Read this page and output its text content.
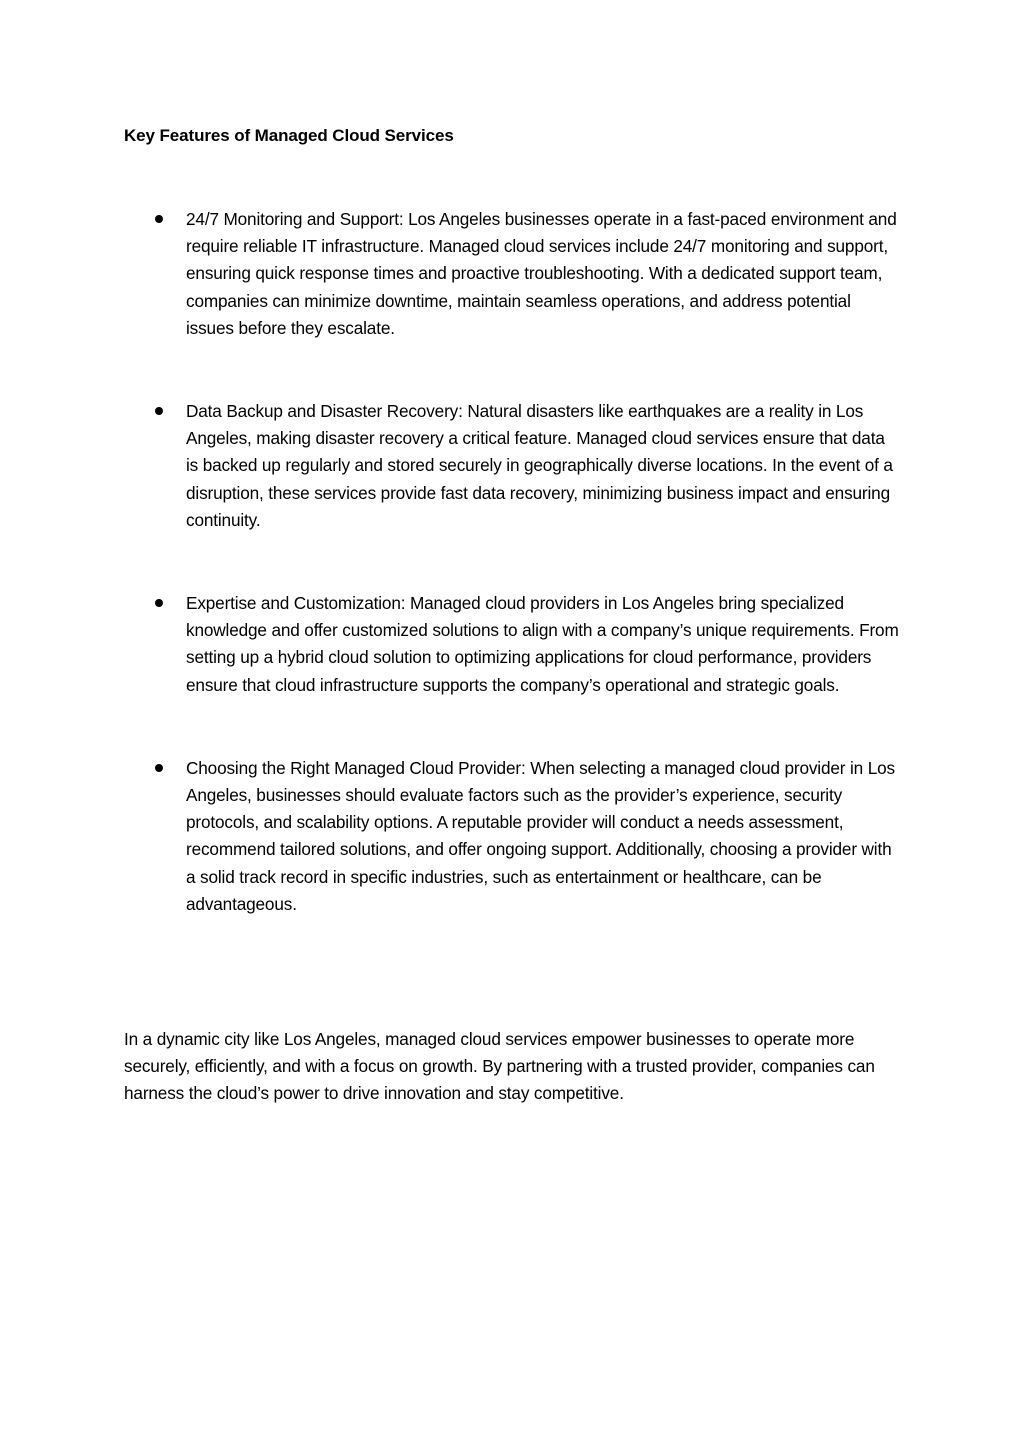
Key Features of Managed Cloud Services
24/7 Monitoring and Support: Los Angeles businesses operate in a fast-paced environment and require reliable IT infrastructure. Managed cloud services include 24/7 monitoring and support, ensuring quick response times and proactive troubleshooting. With a dedicated support team, companies can minimize downtime, maintain seamless operations, and address potential issues before they escalate.
Data Backup and Disaster Recovery: Natural disasters like earthquakes are a reality in Los Angeles, making disaster recovery a critical feature. Managed cloud services ensure that data is backed up regularly and stored securely in geographically diverse locations. In the event of a disruption, these services provide fast data recovery, minimizing business impact and ensuring continuity.
Expertise and Customization: Managed cloud providers in Los Angeles bring specialized knowledge and offer customized solutions to align with a company’s unique requirements. From setting up a hybrid cloud solution to optimizing applications for cloud performance, providers ensure that cloud infrastructure supports the company’s operational and strategic goals.
Choosing the Right Managed Cloud Provider: When selecting a managed cloud provider in Los Angeles, businesses should evaluate factors such as the provider’s experience, security protocols, and scalability options. A reputable provider will conduct a needs assessment, recommend tailored solutions, and offer ongoing support. Additionally, choosing a provider with a solid track record in specific industries, such as entertainment or healthcare, can be advantageous.
In a dynamic city like Los Angeles, managed cloud services empower businesses to operate more securely, efficiently, and with a focus on growth. By partnering with a trusted provider, companies can harness the cloud’s power to drive innovation and stay competitive.
